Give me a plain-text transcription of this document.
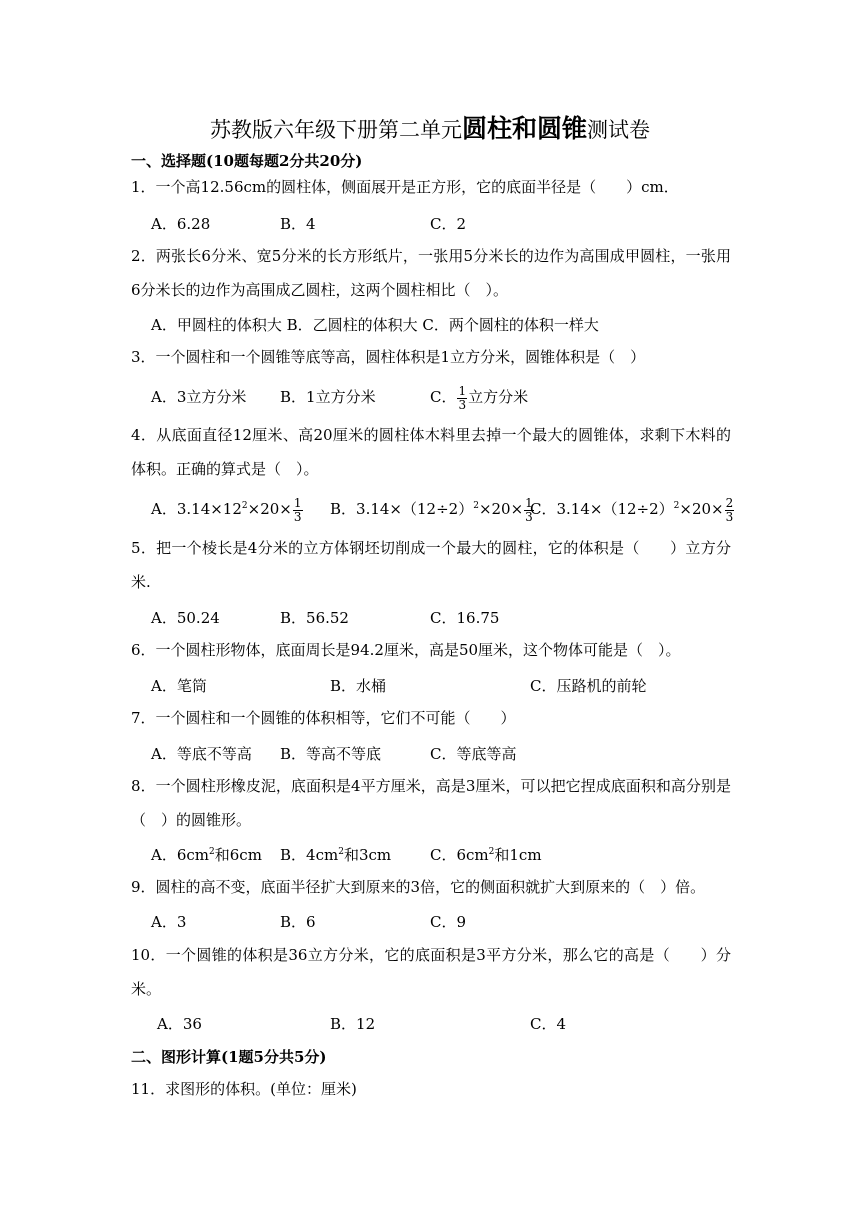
苏教版六年级下册第二单元圆柱和圆锥测试卷
一、选择题(10题每题2分共20分)
1．一个高12.56cm的圆柱体，侧面展开是正方形，它的底面半径是（　　）cm．
A．6.28	B．4	C．2
2．两张长6分米、宽5分米的长方形纸片，一张用5分米长的边作为高围成甲圆柱，一张用6分米长的边作为高围成乙圆柱，这两个圆柱相比（　）。
A．甲圆柱的体积大 B．乙圆柱的体积大 C．两个圆柱的体积一样大
3．一个圆柱和一个圆锥等底等高，圆柱体积是1立方分米，圆锥体积是（　）
A．3立方分米 B．1立方分米	C． $\frac{1}{3}$ 立方分米
4．从底面直径12厘米、高20厘米的圆柱体木料里去掉一个最大的圆锥体，求剩下木料的体积。正确的算式是（　）。
A．$3.14\times 12^2\times 20\times \frac{1}{3}$ B．$3.14\times(12\div 2)^2\times 20\times \frac{1}{3}$
C．$3.14\times(12\div 2)^2\times 20\times \frac{2}{3}$
5．把一个棱长是4分米的立方体钢坯切削成一个最大的圆柱，它的体积是（　　）立方分米.
A．50.24	B．56.52	C．16.75
6．一个圆柱形物体，底面周长是94.2厘米，高是50厘米，这个物体可能是（　）。
A．笔筒	B．水桶	C．压路机的前轮
7．一个圆柱和一个圆锥的体积相等，它们不可能（　　）
A．等底不等高 B．等高不等底	C．等底等高
8．一个圆柱形橡皮泥，底面积是4平方厘米，高是3厘米，可以把它捏成底面积和高分别是（　）的圆锥形。
A．$6cm^2$和6cm B．$4cm^2$和3cm	C．$6cm^2$和1cm
9．圆柱的高不变，底面半径扩大到原来的3倍，它的侧面积就扩大到原来的（　）倍。
A．3	B．6	C．9
10．一个圆锥的体积是36立方分米，它的底面积是3平方分米，那么它的高是（　　）分米。
A．36	B．12	C．4
二、图形计算(1题5分共5分)
11．求图形的体积。(单位：厘米)
